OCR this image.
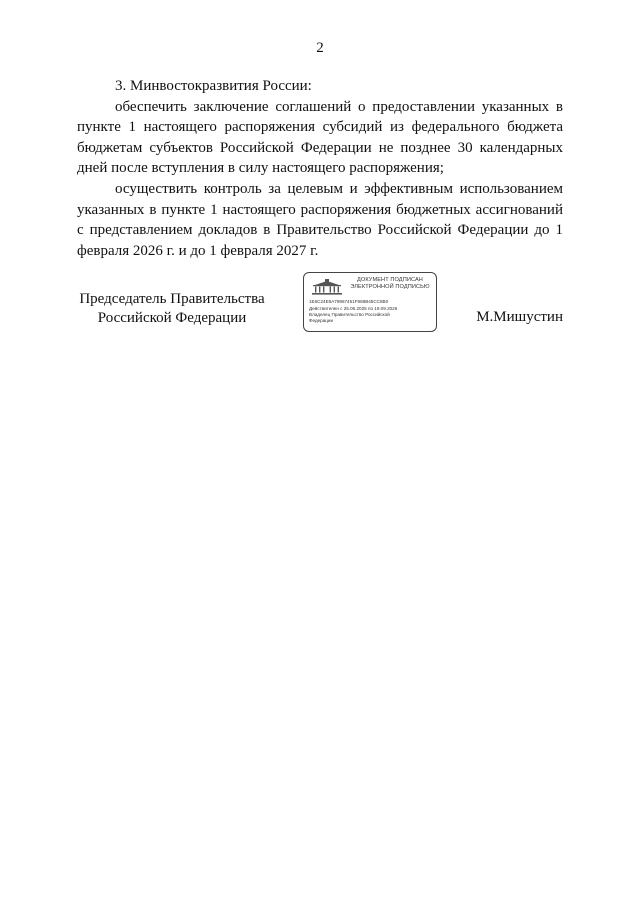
2

3. Минвостокразвития России:

обеспечить заключение соглашений о предоставлении указанных в пункте 1 настоящего распоряжения субсидий из федерального бюджета бюджетам субъектов Российской Федерации не позднее 30 календарных дней после вступления в силу настоящего распоряжения;

осуществить контроль за целевым и эффективным использованием указанных в пункте 1 настоящего распоряжения бюджетных ассигнований с представлением докладов в Правительство Российской Федерации до 1 февраля 2026 г. и до 1 февраля 2027 г.

Председатель Правительства
Российской Федерации
ДОКУМЕНТ ПОДПИСАН
ЭЛЕКТРОННОЙ ПОДПИСЬЮ
1E6C24E6A79967451F968B45CC8B0
Действителен с 25.06.2025 по 19.09.2026
Владелец Правительство Российской
Федерации	М.Мишустин
